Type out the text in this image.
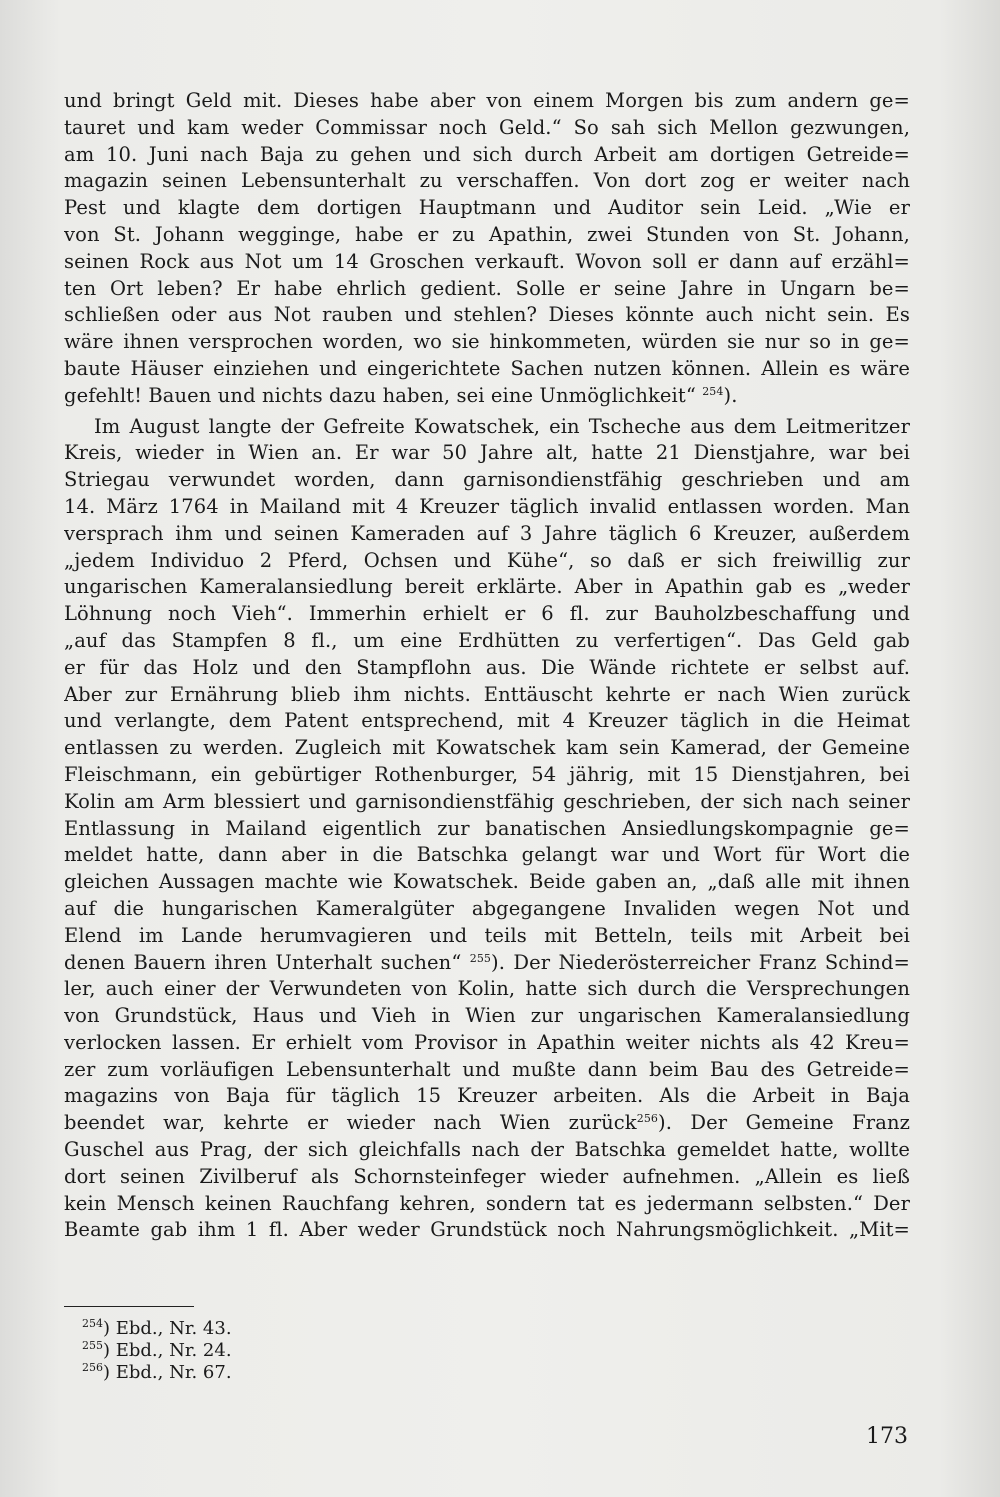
und bringt Geld mit. Dieses habe aber von einem Morgen bis zum andern ge=
tauret und kam weder Commissar noch Geld.“ So sah sich Mellon gezwungen,
am 10. Juni nach Baja zu gehen und sich durch Arbeit am dortigen Getreide=
magazin seinen Lebensunterhalt zu verschaffen. Von dort zog er weiter nach
Pest und klagte dem dortigen Hauptmann und Auditor sein Leid. „Wie er
von St. Johann wegginge, habe er zu Apathin, zwei Stunden von St. Johann,
seinen Rock aus Not um 14 Groschen verkauft. Wovon soll er dann auf erzähl=
ten Ort leben? Er habe ehrlich gedient. Solle er seine Jahre in Ungarn be=
schließen oder aus Not rauben und stehlen? Dieses könnte auch nicht sein. Es
wäre ihnen versprochen worden, wo sie hinkommeten, würden sie nur so in ge=
baute Häuser einziehen und eingerichtete Sachen nutzen können. Allein es wäre
gefehlt! Bauen und nichts dazu haben, sei eine Unmöglichkeit“ $^{254}$).
Im August langte der Gefreite Kowatschek, ein Tscheche aus dem Leitmeritzer
Kreis, wieder in Wien an. Er war 50 Jahre alt, hatte 21 Dienstjahre, war bei
Striegau verwundet worden, dann garnisondienstfähig geschrieben und am
14. März 1764 in Mailand mit 4 Kreuzer täglich invalid entlassen worden. Man
versprach ihm und seinen Kameraden auf 3 Jahre täglich 6 Kreuzer, außerdem
„jedem Individuo 2 Pferd, Ochsen und Kühe“, so daß er sich freiwillig zur
ungarischen Kameralansiedlung bereit erklärte. Aber in Apathin gab es „weder
Löhnung noch Vieh“. Immerhin erhielt er 6 fl. zur Bauholzbeschaffung und
„auf das Stampfen 8 fl., um eine Erdhütten zu verfertigen“. Das Geld gab
er für das Holz und den Stampflohn aus. Die Wände richtete er selbst auf.
Aber zur Ernährung blieb ihm nichts. Enttäuscht kehrte er nach Wien zurück
und verlangte, dem Patent entsprechend, mit 4 Kreuzer täglich in die Heimat
entlassen zu werden. Zugleich mit Kowatschek kam sein Kamerad, der Gemeine
Fleischmann, ein gebürtiger Rothenburger, 54 jährig, mit 15 Dienstjahren, bei
Kolin am Arm blessiert und garnisondienstfähig geschrieben, der sich nach seiner
Entlassung in Mailand eigentlich zur banatischen Ansiedlungskompagnie ge=
meldet hatte, dann aber in die Batschka gelangt war und Wort für Wort die
gleichen Aussagen machte wie Kowatschek. Beide gaben an, „daß alle mit ihnen
auf die hungarischen Kameralgüter abgegangene Invaliden wegen Not und
Elend im Lande herumvagieren und teils mit Betteln, teils mit Arbeit bei
denen Bauern ihren Unterhalt suchen“ $^{255}$). Der Niederösterreicher Franz Schind=
ler, auch einer der Verwundeten von Kolin, hatte sich durch die Versprechungen
von Grundstück, Haus und Vieh in Wien zur ungarischen Kameralansiedlung
verlocken lassen. Er erhielt vom Provisor in Apathin weiter nichts als 42 Kreu=
zer zum vorläufigen Lebensunterhalt und mußte dann beim Bau des Getreide=
magazins von Baja für täglich 15 Kreuzer arbeiten. Als die Arbeit in Baja
beendet war, kehrte er wieder nach Wien zurück$^{256}$). Der Gemeine Franz
Guschel aus Prag, der sich gleichfalls nach der Batschka gemeldet hatte, wollte
dort seinen Zivilberuf als Schornsteinfeger wieder aufnehmen. „Allein es ließ
kein Mensch keinen Rauchfang kehren, sondern tat es jedermann selbsten.“ Der
Beamte gab ihm 1 fl. Aber weder Grundstück noch Nahrungsmöglichkeit. „Mit=
$^{254}$) Ebd., Nr. 43.
$^{255}$) Ebd., Nr. 24.
$^{256}$) Ebd., Nr. 67.
173
